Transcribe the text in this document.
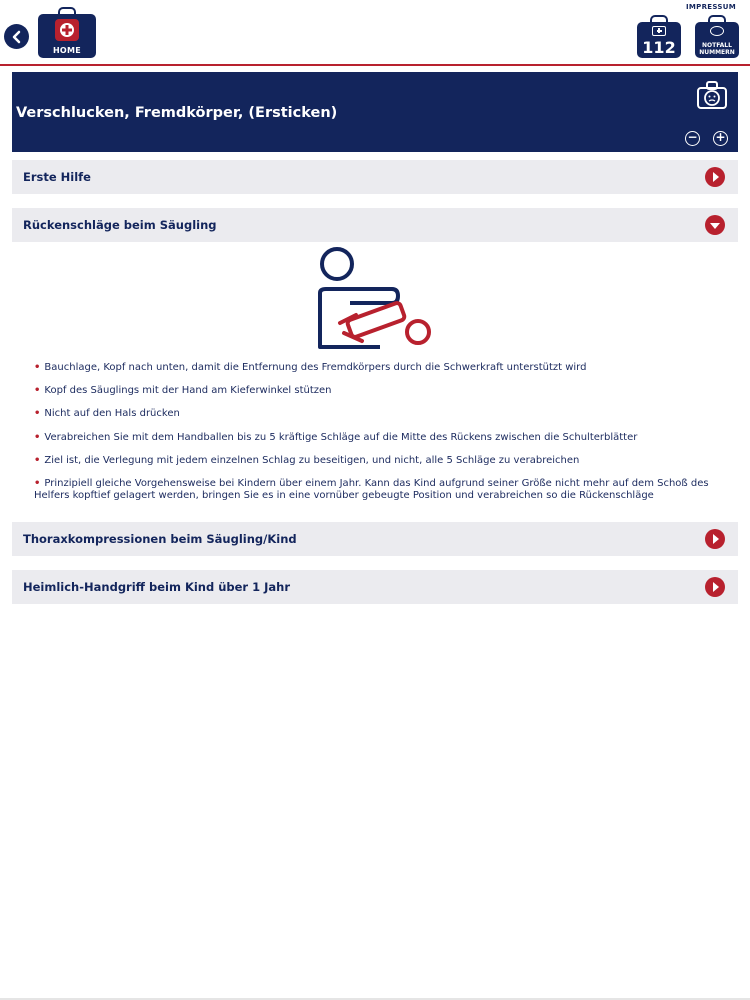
HOME
IMPRESSUM
112	NOTFALL
NUMMERN
Verschlucken, Fremdkörper, (Ersticken)
− +
Erste Hilfe
Rückenschläge beim Säugling
• Bauchlage, Kopf nach unten, damit die Entfernung des Fremdkörpers durch die Schwerkraft unterstützt wird
• Kopf des Säuglings mit der Hand am Kieferwinkel stützen
• Nicht auf den Hals drücken
• Verabreichen Sie mit dem Handballen bis zu 5 kräftige Schläge auf die Mitte des Rückens zwischen die Schulterblätter
• Ziel ist, die Verlegung mit jedem einzelnen Schlag zu beseitigen, und nicht, alle 5 Schläge zu verabreichen
• Prinzipiell gleiche Vorgehensweise bei Kindern über einem Jahr. Kann das Kind aufgrund seiner Größe nicht mehr auf dem Schoß des Helfers kopftief gelagert werden, bringen Sie es in eine vornüber gebeugte Position und verabreichen so die Rückenschläge
Thoraxkompressionen beim Säugling/Kind
Heimlich-Handgriff beim Kind über 1 Jahr
